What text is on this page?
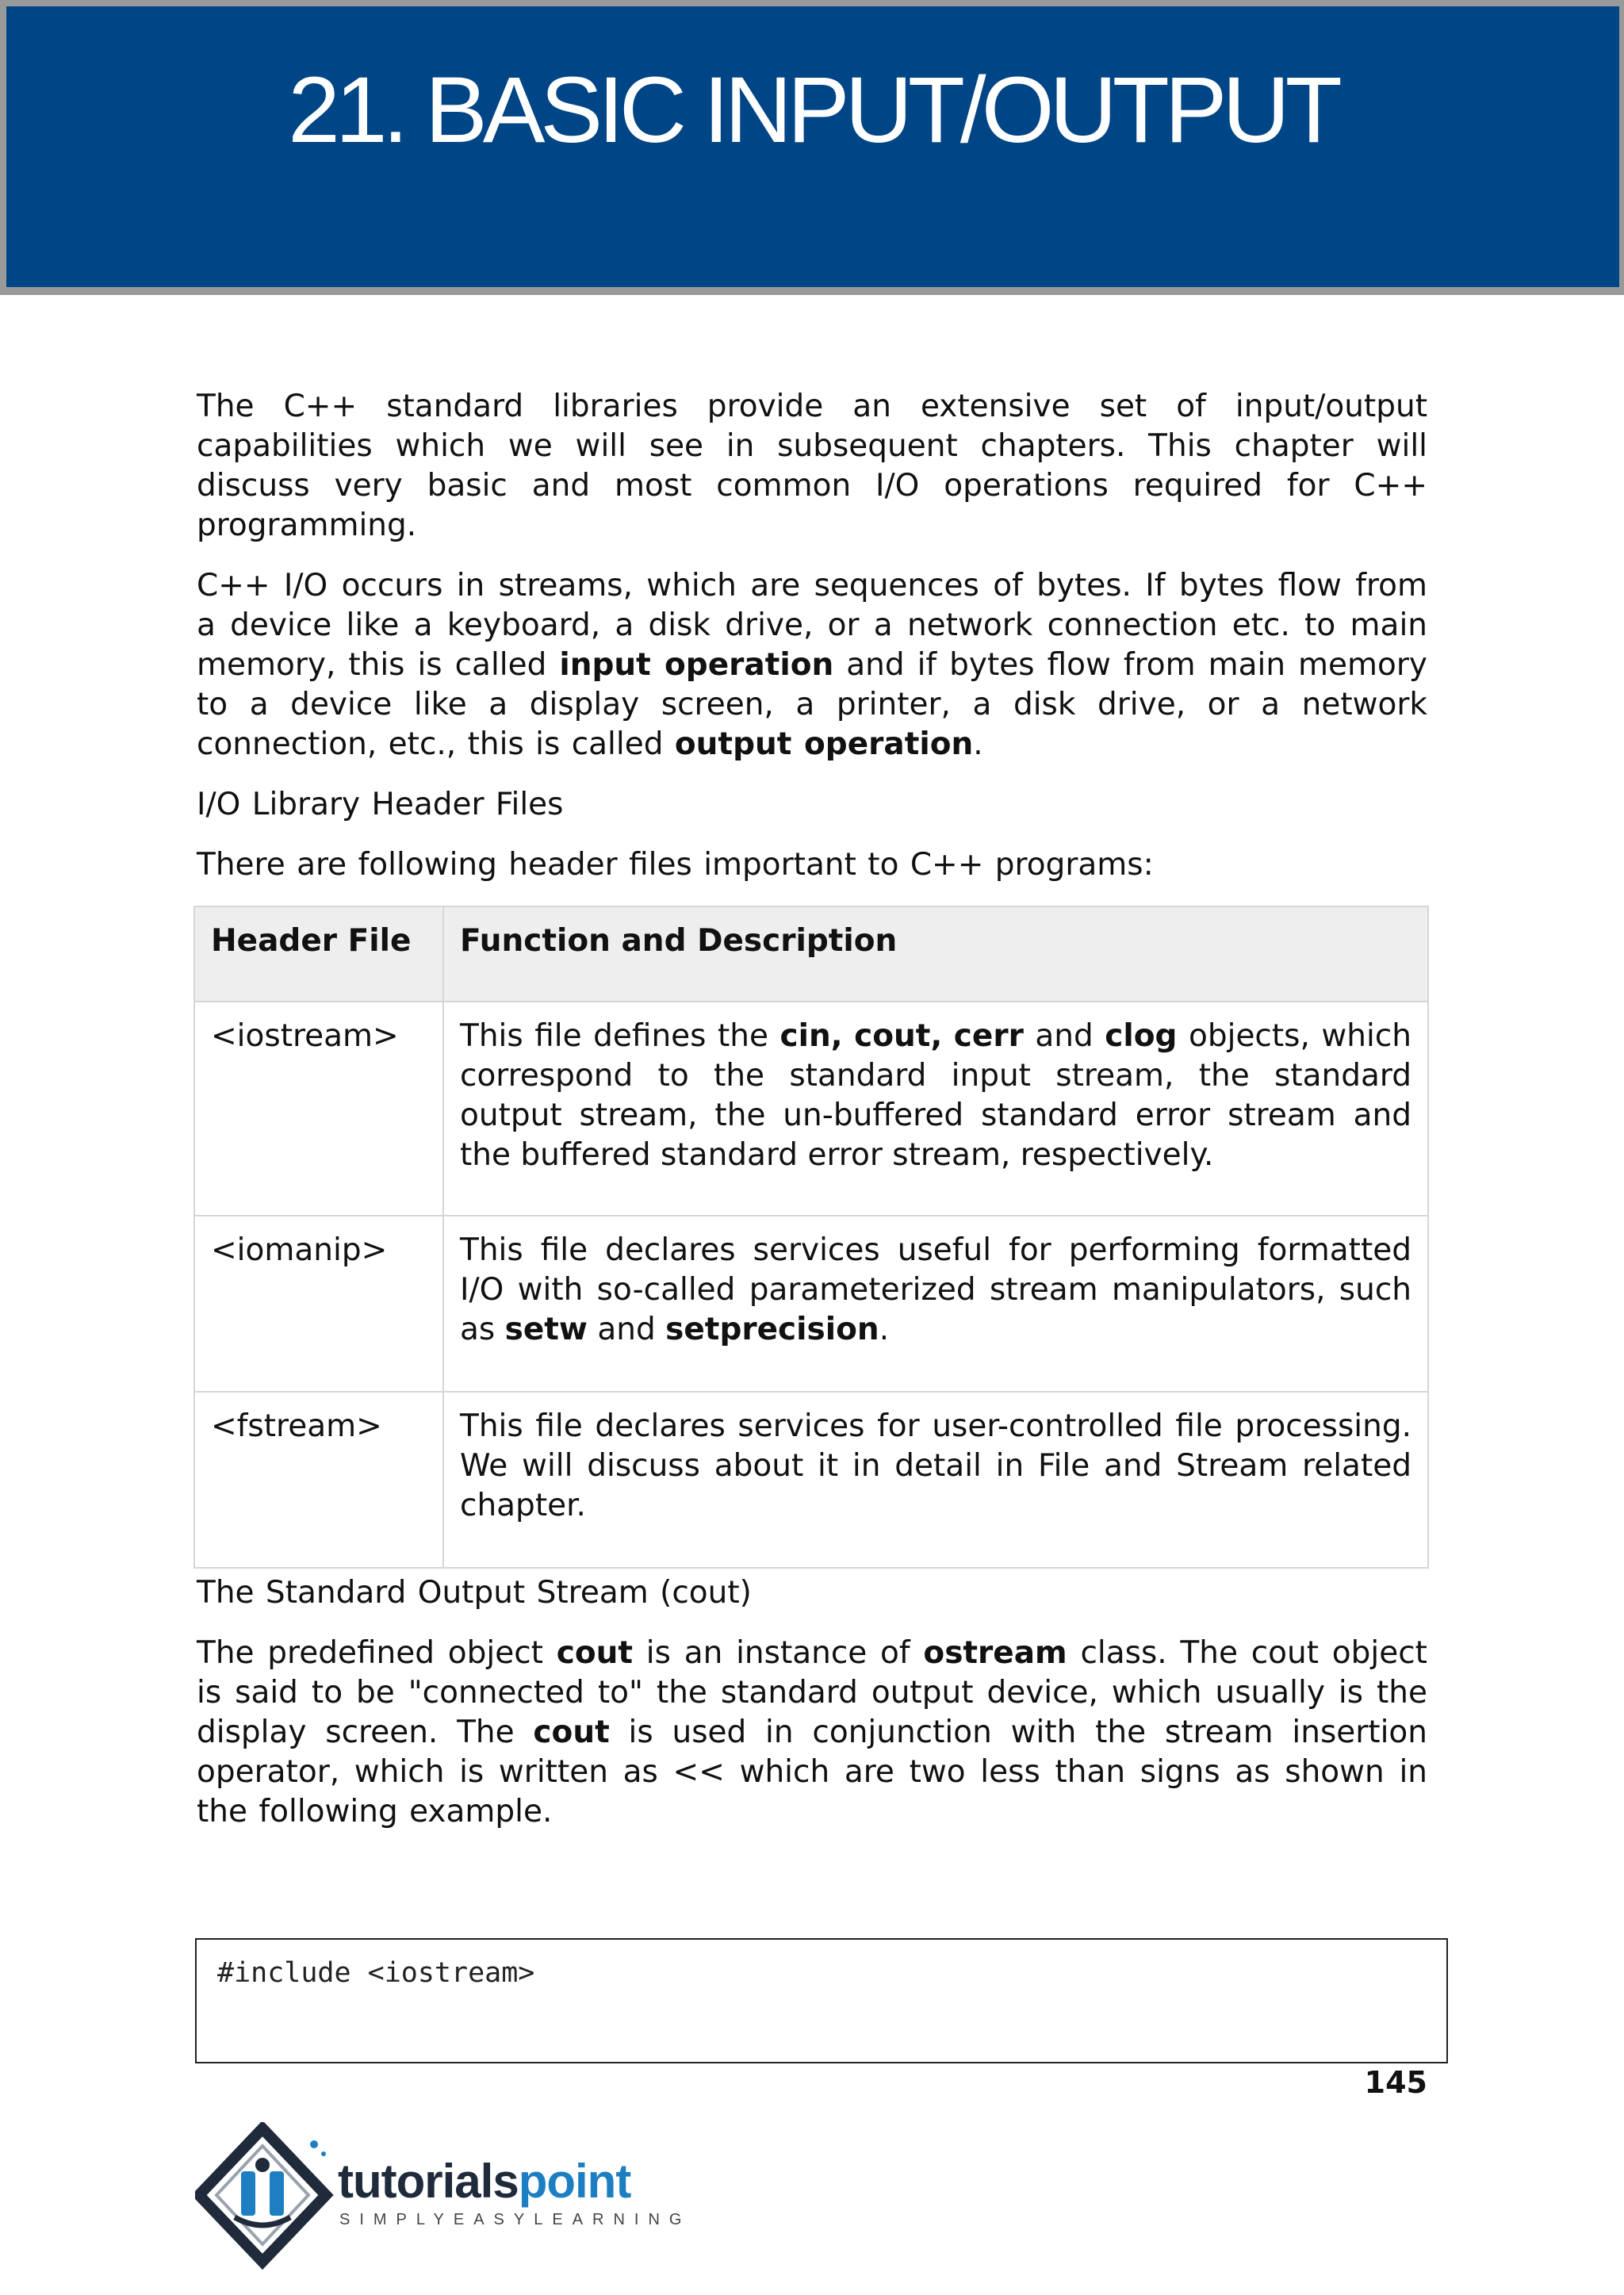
21. BASIC INPUT/OUTPUT

The C++ standard libraries provide an extensive set of input/output capabilities which we will see in subsequent chapters. This chapter will discuss very basic and most common I/O operations required for C++ programming.

C++ I/O occurs in streams, which are sequences of bytes. If bytes flow from a device like a keyboard, a disk drive, or a network connection etc. to main memory, this is called input operation and if bytes flow from main memory to a device like a display screen, a printer, a disk drive, or a network connection, etc., this is called output operation.

I/O Library Header Files

There are following header files important to C++ programs:

Header File	Function and Description
<iostream>	This file defines the cin, cout, cerr and clog objects, which correspond to the standard input stream, the standard output stream, the un-buffered standard error stream and the buffered standard error stream, respectively.
<iomanip>	This file declares services useful for performing formatted I/O with so-called parameterized stream manipulators, such as setw and setprecision.
<fstream>	This file declares services for user-controlled file processing. We will discuss about it in detail in File and Stream related chapter.

The Standard Output Stream (cout)

The predefined object cout is an instance of ostream class. The cout object is said to be "connected to" the standard output device, which usually is the display screen. The cout is used in conjunction with the stream insertion operator, which is written as << which are two less than signs as shown in the following example.

#include <iostream>
145
tutorialspoint
SIMPLYEASYLEARNING
